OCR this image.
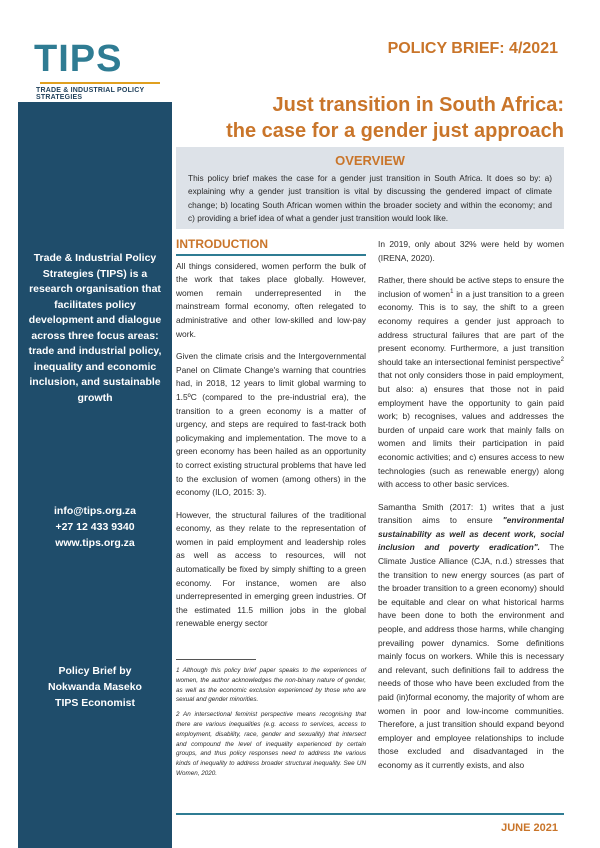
TIPS
TRADE & INDUSTRIAL POLICY STRATEGIES
Trade & Industrial Policy Strategies (TIPS) is a research organisation that facilitates policy development and dialogue across three focus areas: trade and industrial policy, inequality and economic inclusion, and sustainable growth
info@tips.org.za
+27 12 433 9340
www.tips.org.za
Policy Brief by
Nokwanda Maseko
TIPS Economist
POLICY BRIEF: 4/2021
Just transition in South Africa:
the case for a gender just approach
OVERVIEW
This policy brief makes the case for a gender just transition in South Africa. It does so by: a) explaining why a gender just transition is vital by discussing the gendered impact of climate change; b) locating South African women within the broader society and within the economy; and c) providing a brief idea of what a gender just transition would look like.
INTRODUCTION

All things considered, women perform the bulk of the work that takes place globally. However, women remain underrepresented in the mainstream formal economy, often relegated to administrative and other low-skilled and low-pay work.

Given the climate crisis and the Intergovernmental Panel on Climate Change's warning that countries had, in 2018, 12 years to limit global warming to 1.5ºC (compared to the pre-industrial era), the transition to a green economy is a matter of urgency, and steps are required to fast-track both policymaking and implementation. The move to a green economy has been hailed as an opportunity to correct existing structural problems that have led to the exclusion of women (among others) in the economy (ILO, 2015: 3).

However, the structural failures of the traditional economy, as they relate to the representation of women in paid employment and leadership roles as well as access to resources, will not automatically be fixed by simply shifting to a green economy. For instance, women are also underrepresented in emerging green industries. Of the estimated 11.5 million jobs in the global renewable energy sector

1 Although this policy brief paper speaks to the experiences of women, the author acknowledges the non-binary nature of gender, as well as the economic exclusion experienced by those who are sexual and gender minorities.

2 An intersectional feminist perspective means recognising that there are various inequalities (e.g. access to services, access to employment, disability, race, gender and sexuality) that intersect and compound the level of inequality experienced by certain groups, and thus policy responses need to address the various kinds of inequality to address broader structural inequality. See UN Women, 2020.

In 2019, only about 32% were held by women (IRENA, 2020).

Rather, there should be active steps to ensure the inclusion of women$^1$ in a just transition to a green economy. This is to say, the shift to a green economy requires a gender just approach to address structural failures that are part of the present economy. Furthermore, a just transition should take an intersectional feminist perspective$^2$ that not only considers those in paid employment, but also: a) ensures that those not in paid employment have the opportunity to gain paid work; b) recognises, values and addresses the burden of unpaid care work that mainly falls on women and limits their participation in paid economic activities; and c) ensures access to new technologies (such as renewable energy) along with access to other basic services.

Samantha Smith (2017: 1) writes that a just transition aims to ensure "environmental sustainability as well as decent work, social inclusion and poverty eradication". The Climate Justice Alliance (CJA, n.d.) stresses that the transition to new energy sources (as part of the broader transition to a green economy) should be equitable and clear on what historical harms have been done to both the environment and people, and address those harms, while changing prevailing power dynamics. Some definitions mainly focus on workers. While this is necessary and relevant, such definitions fail to address the needs of those who have been excluded from the paid (in)formal economy, the majority of whom are women in poor and low-income communities. Therefore, a just transition should expand beyond employer and employee relationships to include those excluded and disadvantaged in the economy as it currently exists, and also

JUNE 2021
